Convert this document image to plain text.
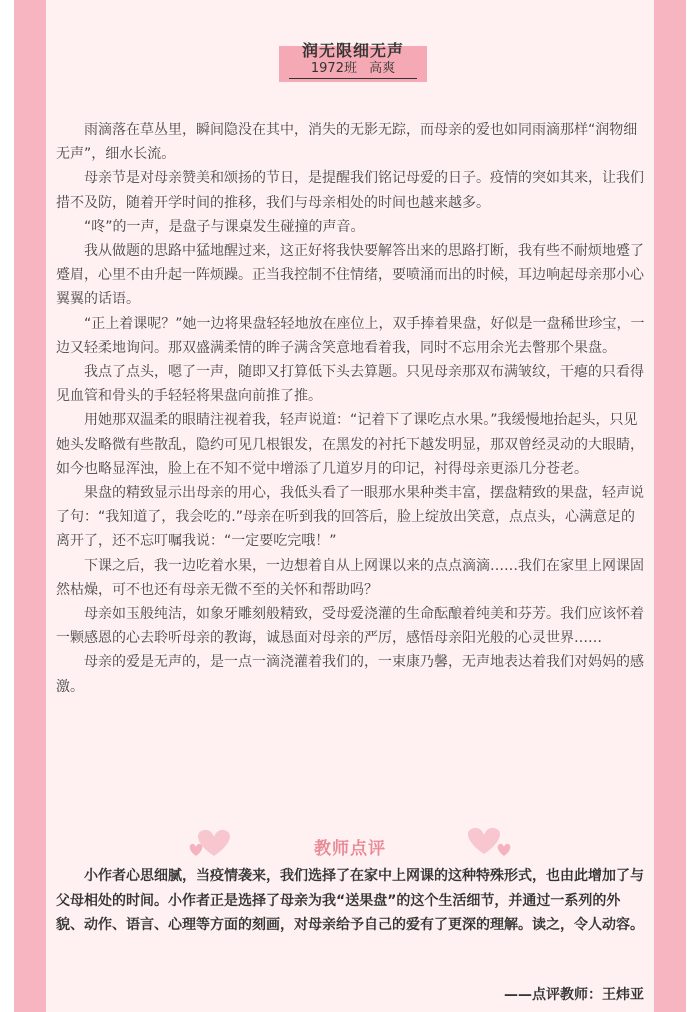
润无限细无声
1972班 高爽

雨滴落在草丛里，瞬间隐没在其中，消失的无影无踪，而母亲的爱也如同雨滴那样“润物细无声”，细水长流。

母亲节是对母亲赞美和颂扬的节日，是提醒我们铭记母爱的日子。疫情的突如其来，让我们措不及防，随着开学时间的推移，我们与母亲相处的时间也越来越多。

“咚”的一声，是盘子与课桌发生碰撞的声音。

我从做题的思路中猛地醒过来，这正好将我快要解答出来的思路打断，我有些不耐烦地蹙了蹙眉，心里不由升起一阵烦躁。正当我控制不住情绪，要喷涌而出的时候，耳边响起母亲那小心翼翼的话语。

“正上着课呢？”她一边将果盘轻轻地放在座位上，双手捧着果盘，好似是一盘稀世珍宝，一边又轻柔地询问。那双盛满柔情的眸子满含笑意地看着我，同时不忘用余光去瞥那个果盘。

我点了点头，嗯了一声，随即又打算低下头去算题。只见母亲那双布满皱纹，干瘪的只看得见血管和骨头的手轻轻将果盘向前推了推。

用她那双温柔的眼睛注视着我，轻声说道：“记着下了课吃点水果。”我缓慢地抬起头，只见她头发略微有些散乱，隐约可见几根银发，在黑发的衬托下越发明显，那双曾经灵动的大眼睛，如今也略显浑浊，脸上在不知不觉中增添了几道岁月的印记，衬得母亲更添几分苍老。

果盘的精致显示出母亲的用心，我低头看了一眼那水果种类丰富，摆盘精致的果盘，轻声说了句：“我知道了，我会吃的.”母亲在听到我的回答后，脸上绽放出笑意，点点头，心满意足的离开了，还不忘叮嘱我说：“一定要吃完哦！”

下课之后，我一边吃着水果，一边想着自从上网课以来的点点滴滴……我们在家里上网课固然枯燥，可不也还有母亲无微不至的关怀和帮助吗？

母亲如玉般纯洁，如象牙雕刻般精致，受母爱浇灌的生命酝酿着纯美和芬芳。我们应该怀着一颗感恩的心去聆听母亲的教诲，诚恳面对母亲的严厉，感悟母亲阳光般的心灵世界……

母亲的爱是无声的，是一点一滴浇灌着我们的，一束康乃馨，无声地表达着我们对妈妈的感激。

教师点评

小作者心思细腻，当疫情袭来，我们选择了在家中上网课的这种特殊形式，也由此增加了与父母相处的时间。小作者正是选择了母亲为我“送果盘”的这个生活细节，并通过一系列的外貌、动作、语言、心理等方面的刻画，对母亲给予自己的爱有了更深的理解。读之，令人动容。

——点评教师：王炜亚
